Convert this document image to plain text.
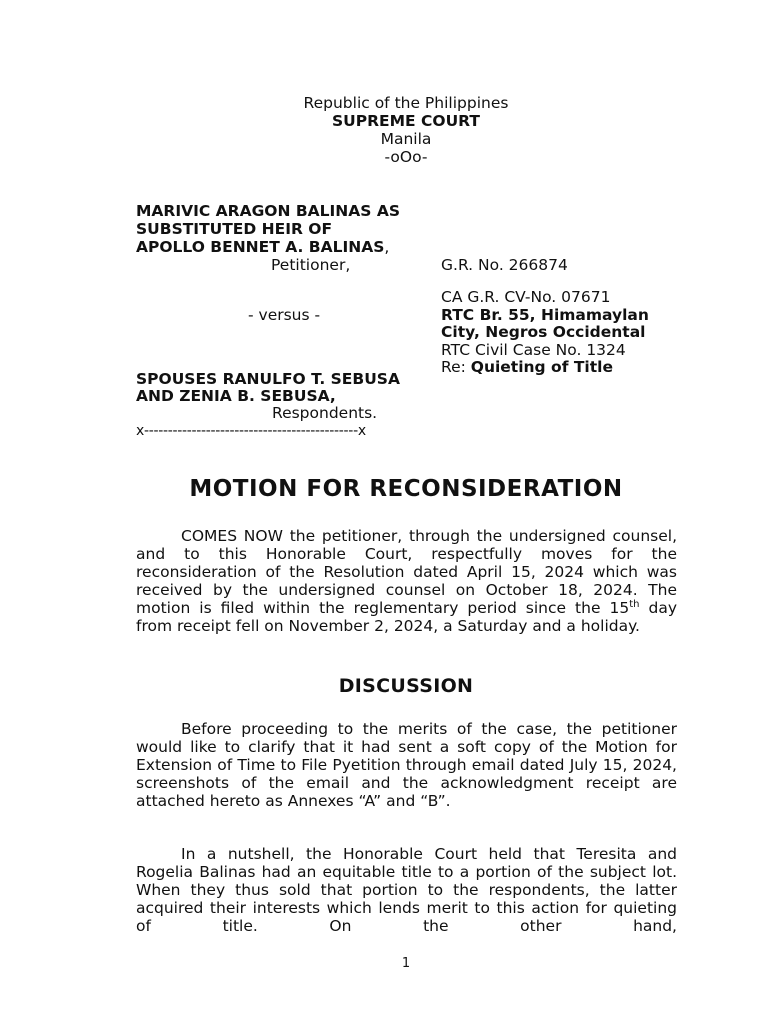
Republic of the Philippines
SUPREME COURT
Manila
-oOo-
MARIVIC ARAGON BALINAS AS
SUBSTITUTED HEIR OF
APOLLO BENNET A. BALINAS,
Petitioner,	G.R. No. 266874
CA G.R. CV-No. 07671
- versus -	RTC Br. 55, Himamaylan
City, Negros Occidental
RTC Civil Case No. 1324
Re: Quieting of Title
SPOUSES RANULFO T. SEBUSA
AND ZENIA B. SEBUSA,
Respondents.
x---------------------------------------------x
MOTION FOR RECONSIDERATION
COMES NOW the petitioner, through the undersigned counsel, and to this Honorable Court, respectfully moves for the reconsideration of the Resolution dated April 15, 2024 which was received by the undersigned counsel on October 18, 2024. The motion is filed within the reglementary period since the 15th day from receipt fell on November 2, 2024, a Saturday and a holiday.
DISCUSSION
Before proceeding to the merits of the case, the petitioner would like to clarify that it had sent a soft copy of the Motion for Extension of Time to File Pyetition through email dated July 15, 2024, screenshots of the email and the acknowledgment receipt are attached hereto as Annexes “A” and “B”.
In a nutshell, the Honorable Court held that Teresita and Rogelia Balinas had an equitable title to a portion of the subject lot. When they thus sold that portion to the respondents, the latter acquired their interests which lends merit to this action for quieting of title. On the other hand,
1
